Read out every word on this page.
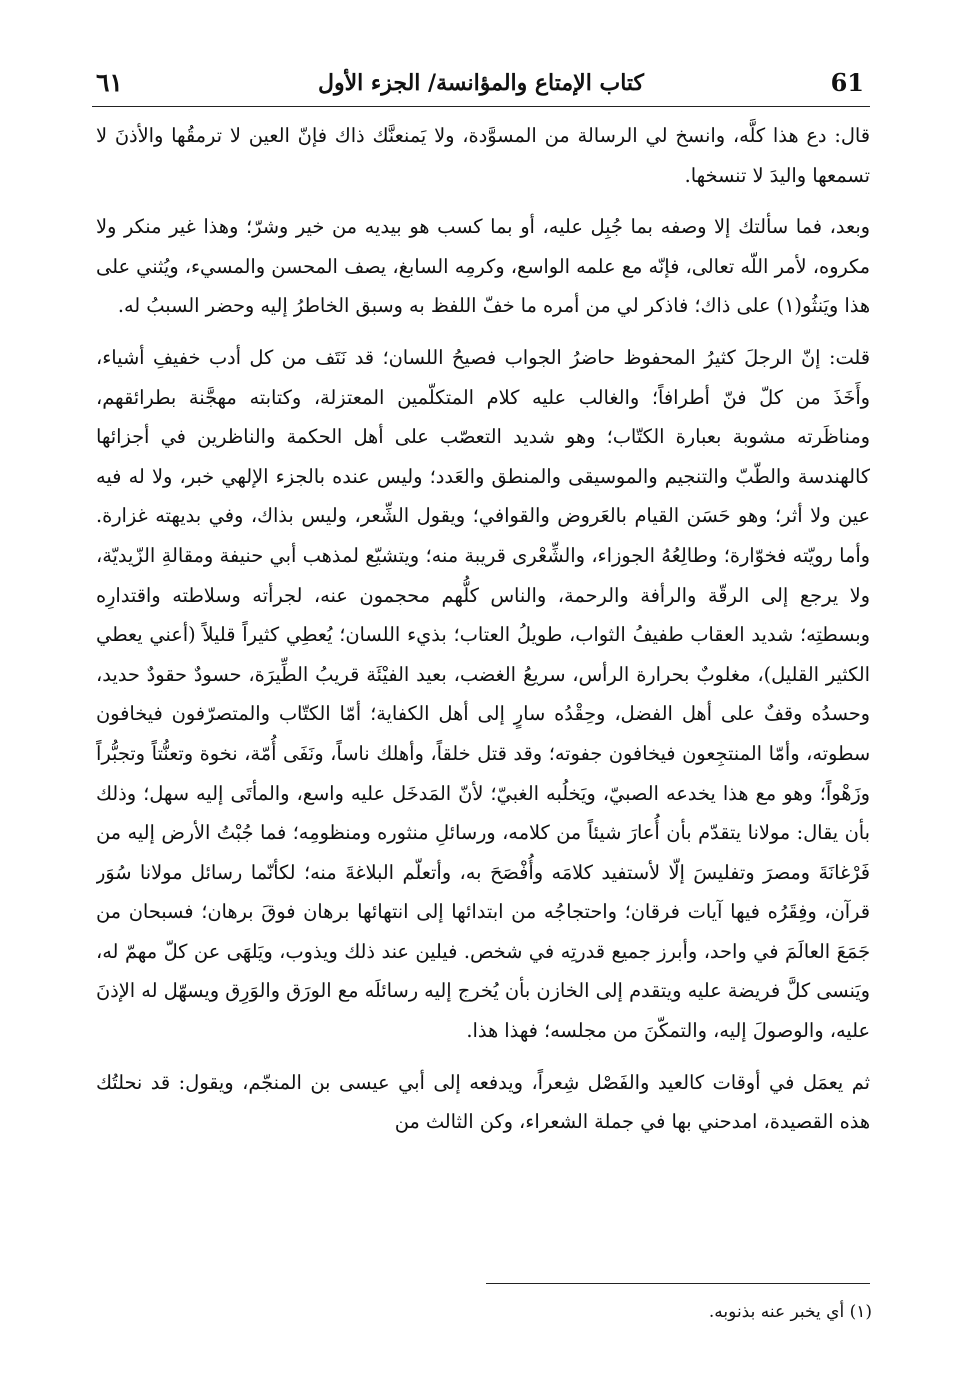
٦١	كتاب الإمتاع والمؤانسة/ الجزء الأول	61

قال: دع هذا كلَّه، وانسخ لي الرسالة من المسوَّدة، ولا يَمنعنَّك ذاك فإنّ العين لا ترمقُها والأذنَ لا تسمعها واليدَ لا تنسخها.

وبعد، فما سألتك إلا وصفه بما جُبِل عليه، أو بما كسب هو بيديه من خير وشرّ؛ وهذا غير منكر ولا مكروه، لأمر اللّه تعالى، فإنّه مع علمه الواسع، وكرمِه السابغ، يصف المحسن والمسيء، ويُثني على هذا ويَنثُو(١) على ذاك؛ فاذكر لي من أمره ما خفّ اللفظ به وسبق الخاطرُ إليه وحضر السببُ له.

قلت: إنّ الرجلَ كثيرُ المحفوظ حاضرُ الجواب فصيحُ اللسان؛ قد نَتَف من كل أدب خفيفِ أشياء، وأَخَذَ من كلّ فنّ أطرافاً؛ والغالب عليه كلام المتكلّمين المعتزلة، وكتابته مهجَّنة بطرائقهم، ومناظَرته مشوبة بعبارة الكتّاب؛ وهو شديد التعصّب على أهل الحكمة والناظرين في أجزائها كالهندسة والطّبّ والتنجيم والموسيقى والمنطق والعَدد؛ وليس عنده بالجزء الإلهي خبر، ولا له فيه عين ولا أثر؛ وهو حَسَن القيام بالعَروض والقوافي؛ ويقول الشِّعر، وليس بذاك، وفي بديهته غزارة. وأما رويّته فخوّارة؛ وطالِعُهُ الجوزاء، والشِّعْرى قريبة منه؛ ويتشيّع لمذهب أبي حنيفة ومقالةِ الزّيديّة، ولا يرجع إلى الرقّة والرأفة والرحمة، والناس كلُّهم محجمون عنه، لجرأته وسلاطته واقتدارِه وبسطتِه؛ شديد العقاب طفيفُ الثواب، طويلُ العتاب؛ بذيء اللسان؛ يُعطِي كثيراً قليلاً (أعني يعطي الكثير القليل)، مغلوبٌ بحرارة الرأس، سريعُ الغضب، بعيد الفيْئَة قريبُ الطِّيرَة، حسودٌ حقودٌ حديد، وحسدُه وقفٌ على أهل الفضل، وحِقْدُه سارٍ إلى أهل الكفاية؛ أمّا الكتّاب والمتصرّفون فيخافون سطوته، وأمّا المنتجِعون فيخافون جفوته؛ وقد قتل خلقاً، وأهلك ناساً، ونَفَى أُمّة، نخوة وتعنُّتاً وتجبُّراً وزَهْواً؛ وهو مع هذا يخدعه الصبيّ، ويَخلُبه الغبيّ؛ لأنّ المَدخَل عليه واسع، والمأتَى إليه سهل؛ وذلك بأن يقال: مولانا يتقدّم بأن أُعارَ شيئاً من كلامه، ورسائلِ منثوره ومنظومِه؛ فما جُبْتُ الأرض إليه من فَرْغانَةَ ومصرَ وتفليسَ إلّا لأستفيد كلامَه وأُفْصَحَ به، وأتعلّم البلاغةَ منه؛ لكأنّما رسائل مولانا سُوَر قرآن، وفِقَرُه فيها آيات فرقان؛ واحتجاجُه من ابتدائها إلى انتهائها برهان فوقَ برهان؛ فسبحان من جَمَعَ العالَمَ في واحد، وأبرز جميع قدرتِه في شخص. فيلين عند ذلك ويذوب، ويَلهَى عن كلّ مهمّ له، ويَنسى كلَّ فريضة عليه ويتقدم إلى الخازن بأن يُخرج إليه رسائلَه مع الورَق والوَرِق ويسهّل له الإذنَ عليه، والوصولَ إليه، والتمكّنَ من مجلسه؛ فهذا هذا.

ثم يعمَل في أوقات كالعيد والفَصْل شِعراً، ويدفعه إلى أبي عيسى بن المنجّم، ويقول: قد نحلتُك هذه القصيدة، امدحني بها في جملة الشعراء، وكن الثالث من

(١) أي يخبر عنه بذنوبه.
